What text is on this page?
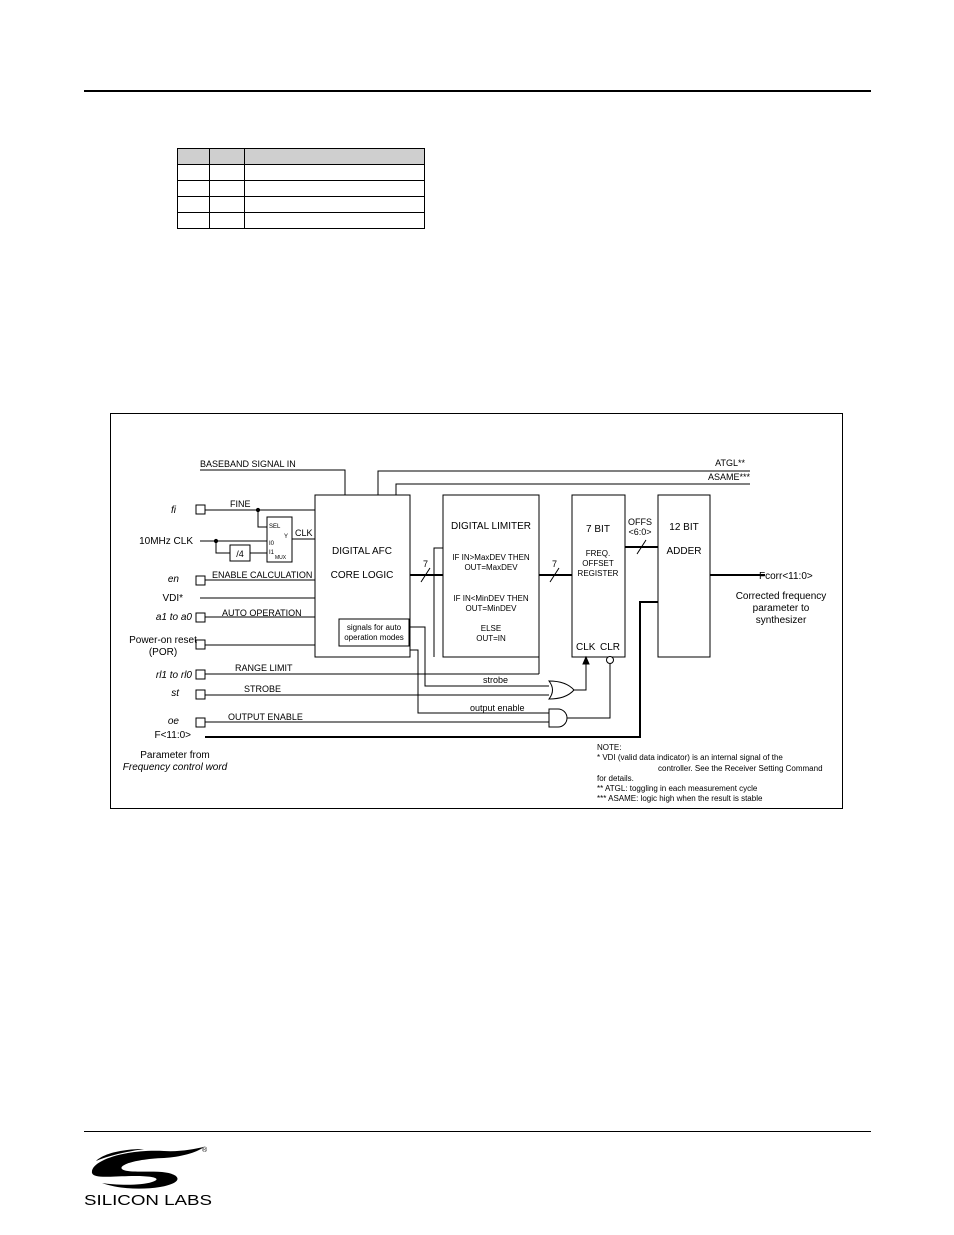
BASEBAND SIGNAL IN	ATGL**
ASAME***
FINE
CLK
ENABLE CALCULATION
AUTO OPERATION
RANGE LIMIT
STROBE
OUTPUT ENABLE
strobe
output enable
7	7
OFFS
<6:0>
SEL
Y
I0
I1
MUX
/4
fi
10MHz CLK
en
VDI*
a1 to a0
Power-on reset
(POR)
rl1 to rl0
st
oe
F<11:0>
DIGITAL AFC
CORE LOGIC
signals for auto
operation modes
DIGITAL LIMITER
IF IN>MaxDEV THEN
OUT=MaxDEV
IF IN<MinDEV THEN
OUT=MinDEV
ELSE
OUT=IN
7 BIT
FREQ.
OFFSET
REGISTER
CLK CLR
12 BIT
ADDER
Fcorr<11:0>
Corrected frequency
parameter to
synthesizer
Parameter from
Frequency control word
NOTE:
* VDI (valid data indicator) is an internal signal of the
controller. See the Receiver Setting Command
for details.
** ATGL: toggling in each measurement cycle
*** ASAME: logic high when the result is stable
®
SILICON LABS
